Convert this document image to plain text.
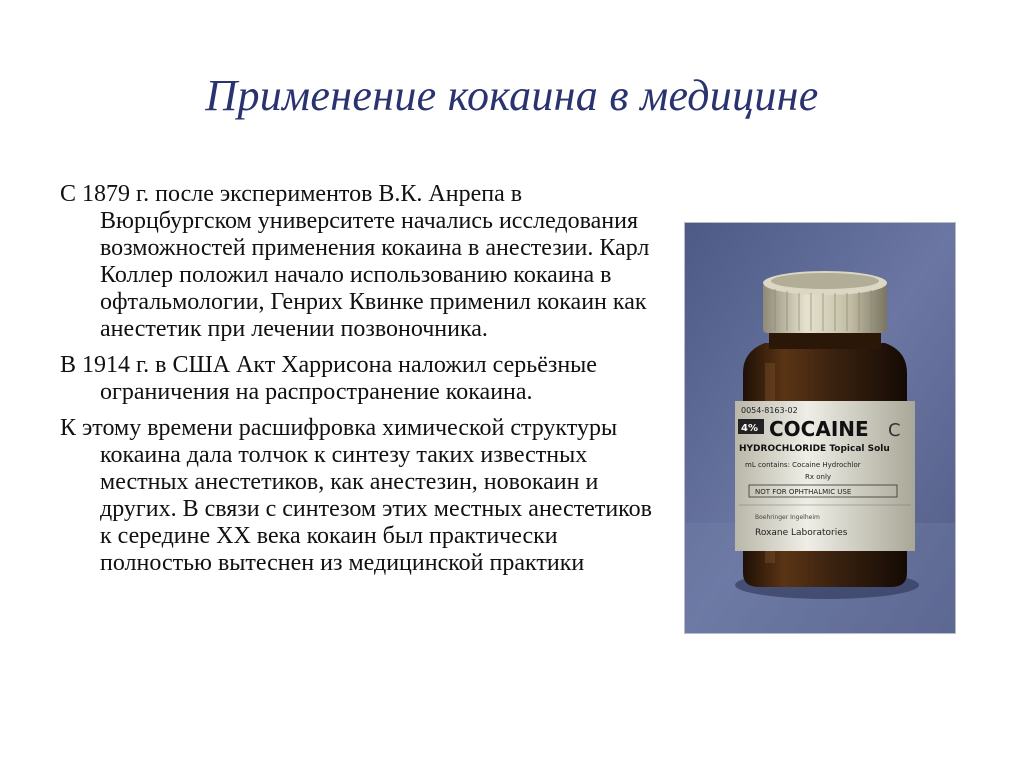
Применение кокаина в медицине

С 1879 г. после экспериментов В.К. Анрепа в Вюрцбургском университете начались исследования возможностей применения кокаина в анестезии. Карл Коллер положил начало использованию кокаина в офтальмологии, Генрих Квинке применил кокаин как анестетик при лечении позвоночника.

В 1914 г. в США Акт Харрисона наложил серьёзные ограничения на распространение кокаина.

К этому времени расшифровка химической структуры кокаина дала толчок к синтезу таких известных местных анестетиков, как анестезин, новокаин и других. В связи с синтезом этих местных анестетиков к середине XX века кокаин был практически полностью вытеснен из медицинской практики

0054-8163-02
4% COCAINE C
HYDROCHLORIDE Topical Solu
mL contains: Cocaine Hydrochlor
Rx only
NOT FOR OPHTHALMIC USE
Boehringer Ingelheim
Roxane Laboratories
